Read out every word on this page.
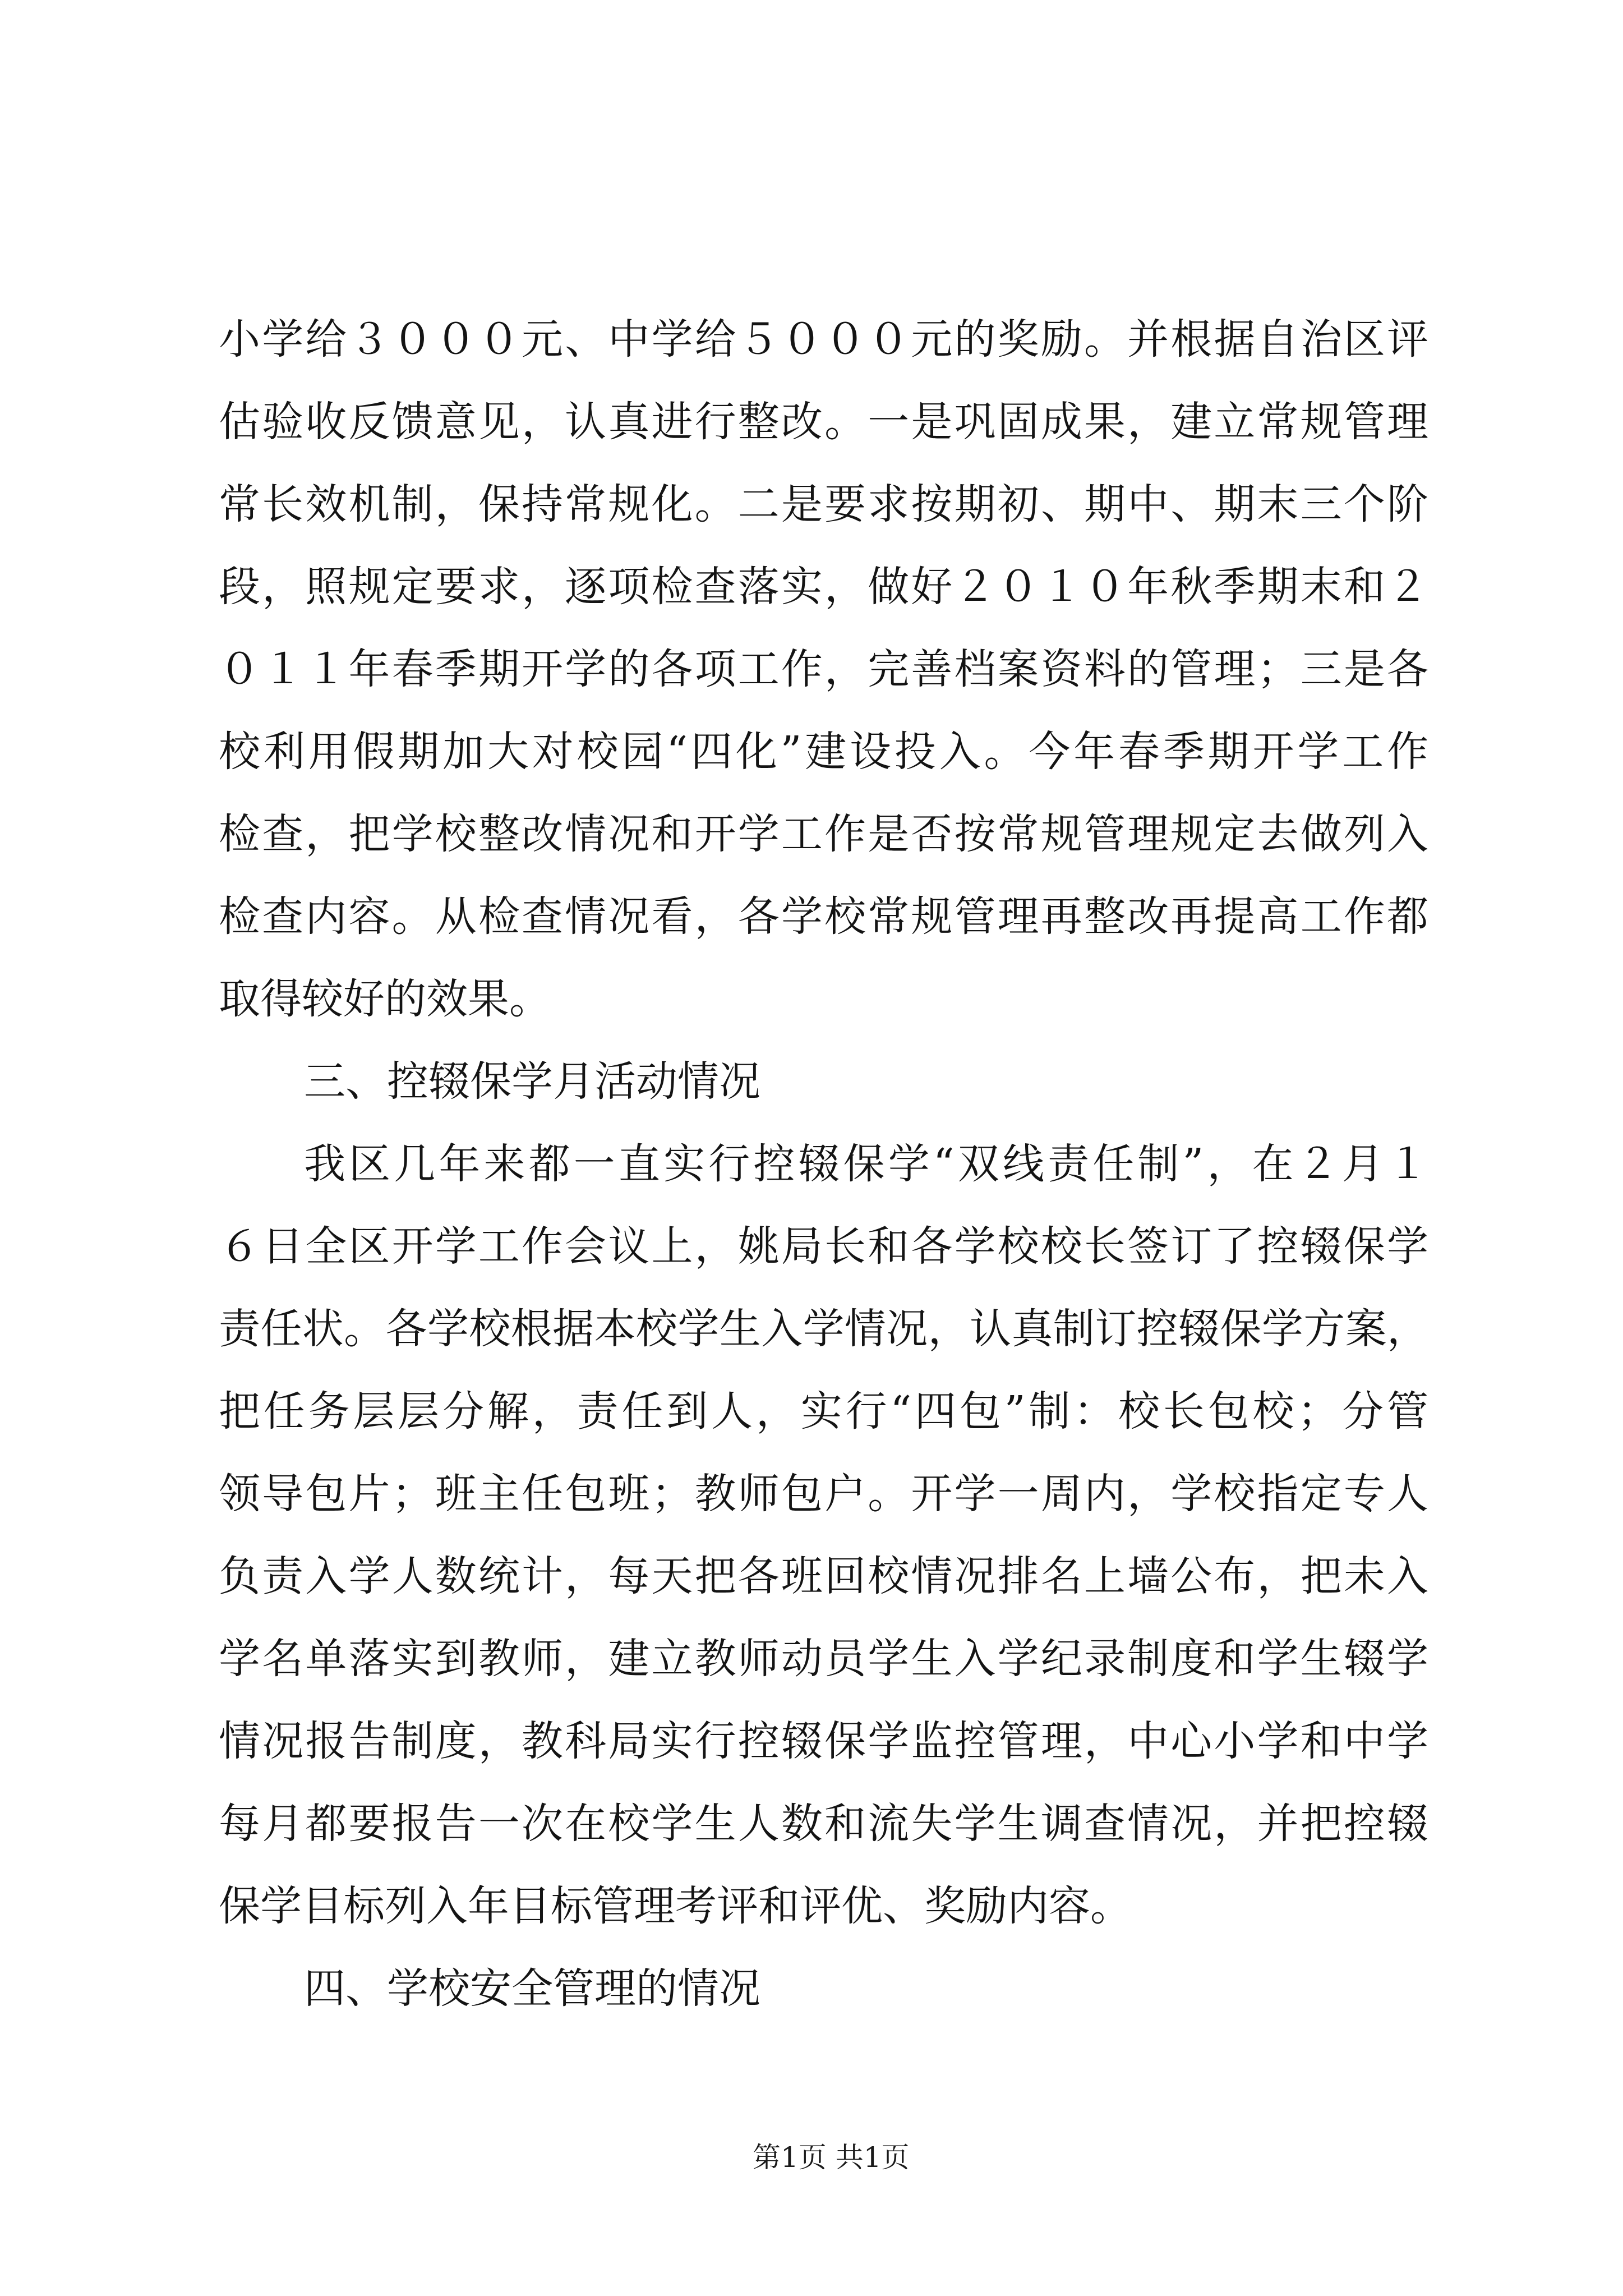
小学给３０００元、中学给５０００元的奖励。并根据自治区评
估验收反馈意见，认真进行整改。一是巩固成果，建立常规管理
常长效机制，保持常规化。二是要求按期初、期中、期末三个阶
段，照规定要求，逐项检查落实，做好２０１０年秋季期末和２
０１１年春季期开学的各项工作，完善档案资料的管理；三是各
校利用假期加大对校园“四化”建设投入。今年春季期开学工作
检查，把学校整改情况和开学工作是否按常规管理规定去做列入
检查内容。从检查情况看，各学校常规管理再整改再提高工作都
取得较好的效果。
三、控辍保学月活动情况
我区几年来都一直实行控辍保学“双线责任制”，在２月１
６日全区开学工作会议上，姚局长和各学校校长签订了控辍保学
责任状。各学校根据本校学生入学情况，认真制订控辍保学方案，
把任务层层分解，责任到人，实行“四包”制：校长包校；分管
领导包片；班主任包班；教师包户。开学一周内，学校指定专人
负责入学人数统计，每天把各班回校情况排名上墙公布，把未入
学名单落实到教师，建立教师动员学生入学纪录制度和学生辍学
情况报告制度，教科局实行控辍保学监控管理，中心小学和中学
每月都要报告一次在校学生人数和流失学生调查情况，并把控辍
保学目标列入年目标管理考评和评优、奖励内容。
四、学校安全管理的情况
第1页 共1页
